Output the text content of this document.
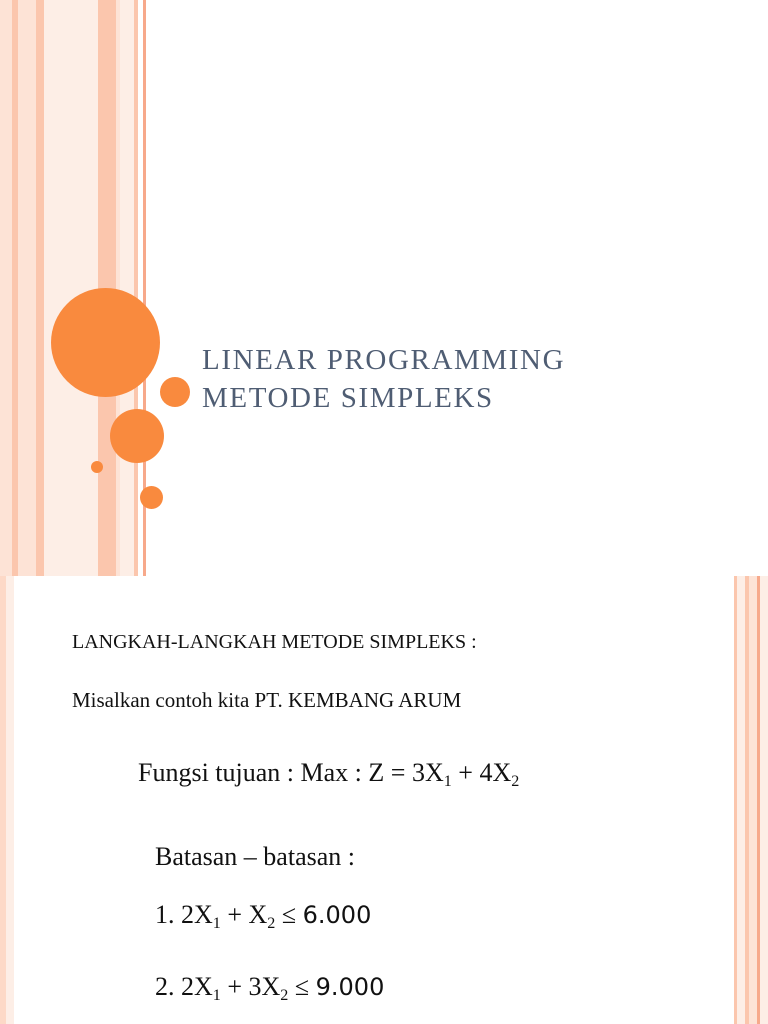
LINEAR PROGRAMMING
METODE SIMPLEKS
LANGKAH-LANGKAH METODE SIMPLEKS :
Misalkan contoh kita PT. KEMBANG ARUM
Fungsi tujuan : Max : $Z = 3X_1 + 4X_2$
Batasan – batasan :
1. $2X_1 + X_2 \le 6.000$
2. $2X_1 + 3X_2 \le 9.000$
